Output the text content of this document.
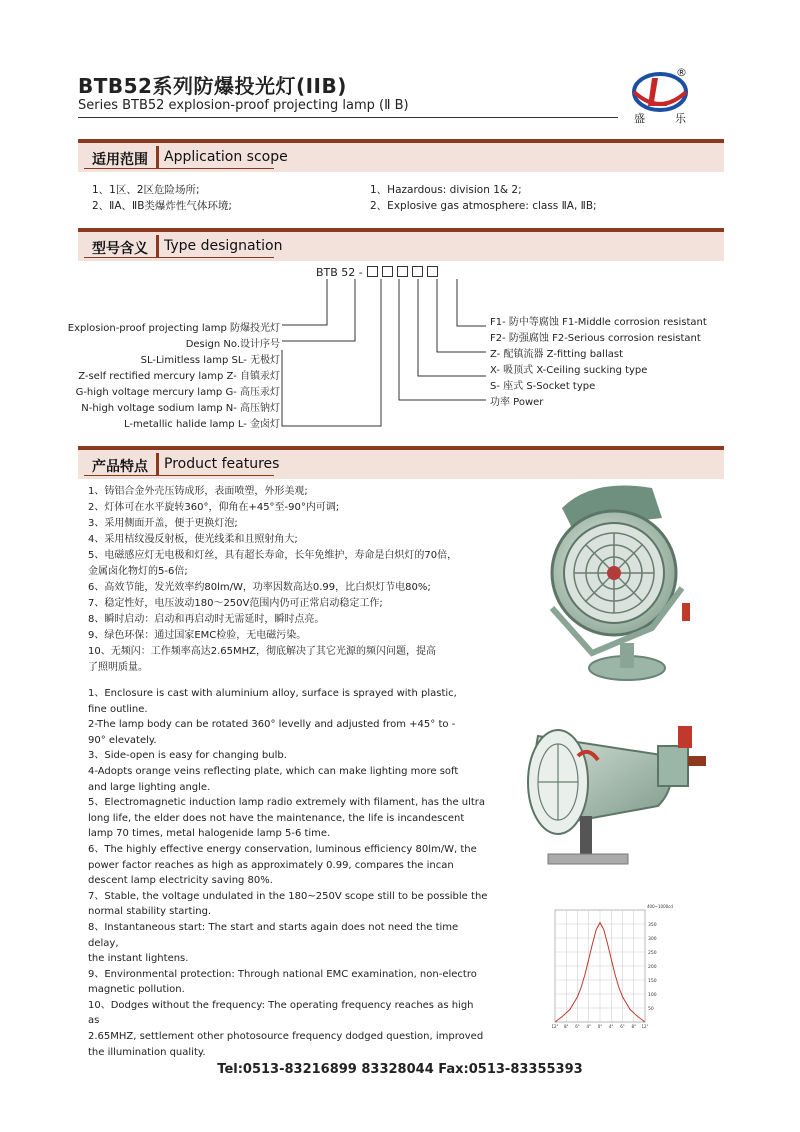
BTB52系列防爆投光灯(IIB)
Series BTB52 explosion-proof projecting lamp (Ⅱ B)
®
盛	乐
适用范围 Application scope
1、1区、2区危险场所;
2、ⅡA、ⅡB类爆炸性气体环境;
1、Hazardous: division 1& 2;
2、Explosive gas atmosphere: class ⅡA, ⅡB;
型号含义 Type designation
BTB 52 -
Explosion-proof projecting lamp 防爆投光灯
Design No.设计序号
SL-Limitless lamp SL- 无极灯
Z-self rectified mercury lamp Z- 自镇汞灯
G-high voltage mercury lamp G- 高压汞灯
N-high voltage sodium lamp N- 高压钠灯
L-metallic halide lamp L- 金卤灯
F1- 防中等腐蚀 F1-Middle corrosion resistant
F2- 防强腐蚀 F2-Serious corrosion resistant
Z- 配镇流器 Z-fitting ballast
X- 吸顶式 X-Ceiling sucking type
S- 座式 S-Socket type
功率 Power
产品特点 Product features
1、铸铝合金外壳压铸成形，表面喷塑，外形美观;
2、灯体可在水平旋转360°，仰角在+45°至-90°内可调;
3、采用侧面开盖，便于更换灯泡;
4、采用桔纹漫反射板，使光线柔和且照射角大;
5、电磁感应灯无电极和灯丝，具有超长寿命，长年免维护，寿命是白炽灯的70倍，
金属卤化物灯的5-6倍;
6、高效节能，发光效率约80lm/W，功率因数高达0.99，比白炽灯节电80%;
7、稳定性好，电压波动180～250V范围内仍可正常启动稳定工作;
8、瞬时启动：启动和再启动时无需延时，瞬时点亮。
9、绿色环保：通过国家EMC检验，无电磁污染。
10、无频闪：工作频率高达2.65MHZ，彻底解决了其它光源的频闪问题，提高
了照明质量。
1、Enclosure is cast with aluminium alloy, surface is sprayed with plastic,
fine outline.
2-The lamp body can be rotated 360° levelly and adjusted from +45° to -
90° elevately.
3、Side-open is easy for changing bulb.
4-Adopts orange veins reflecting plate, which can make lighting more soft
and large lighting angle.
5、Electromagnetic induction lamp radio extremely with filament, has the ultra
long life, the elder does not have the maintenance, the life is incandescent
lamp 70 times, metal halogenide lamp 5-6 time.
6、The highly effective energy conservation, luminous efficiency 80lm/W, the
power factor reaches as high as approximately 0.99, compares the incan
descent lamp electricity saving 80%.
7、Stable, the voltage undulated in the 180~250V scope still to be possible the
normal stability starting.
8、Instantaneous start: The start and starts again does not need the time delay,
the instant lightens.
9、Environmental protection: Through national EMC examination, non-electro
magnetic pollution.
10、Dodges without the frequency: The operating frequency reaches as high as
2.65MHZ, settlement other photosource frequency dodged question, improved
the illumination quality.
50
100
150
200
250
300
350
400~1000cd
12° 8° 6° 4° 0° 4° 6° 8° 12°
Tel:0513-83216899 83328044 Fax:0513-83355393
